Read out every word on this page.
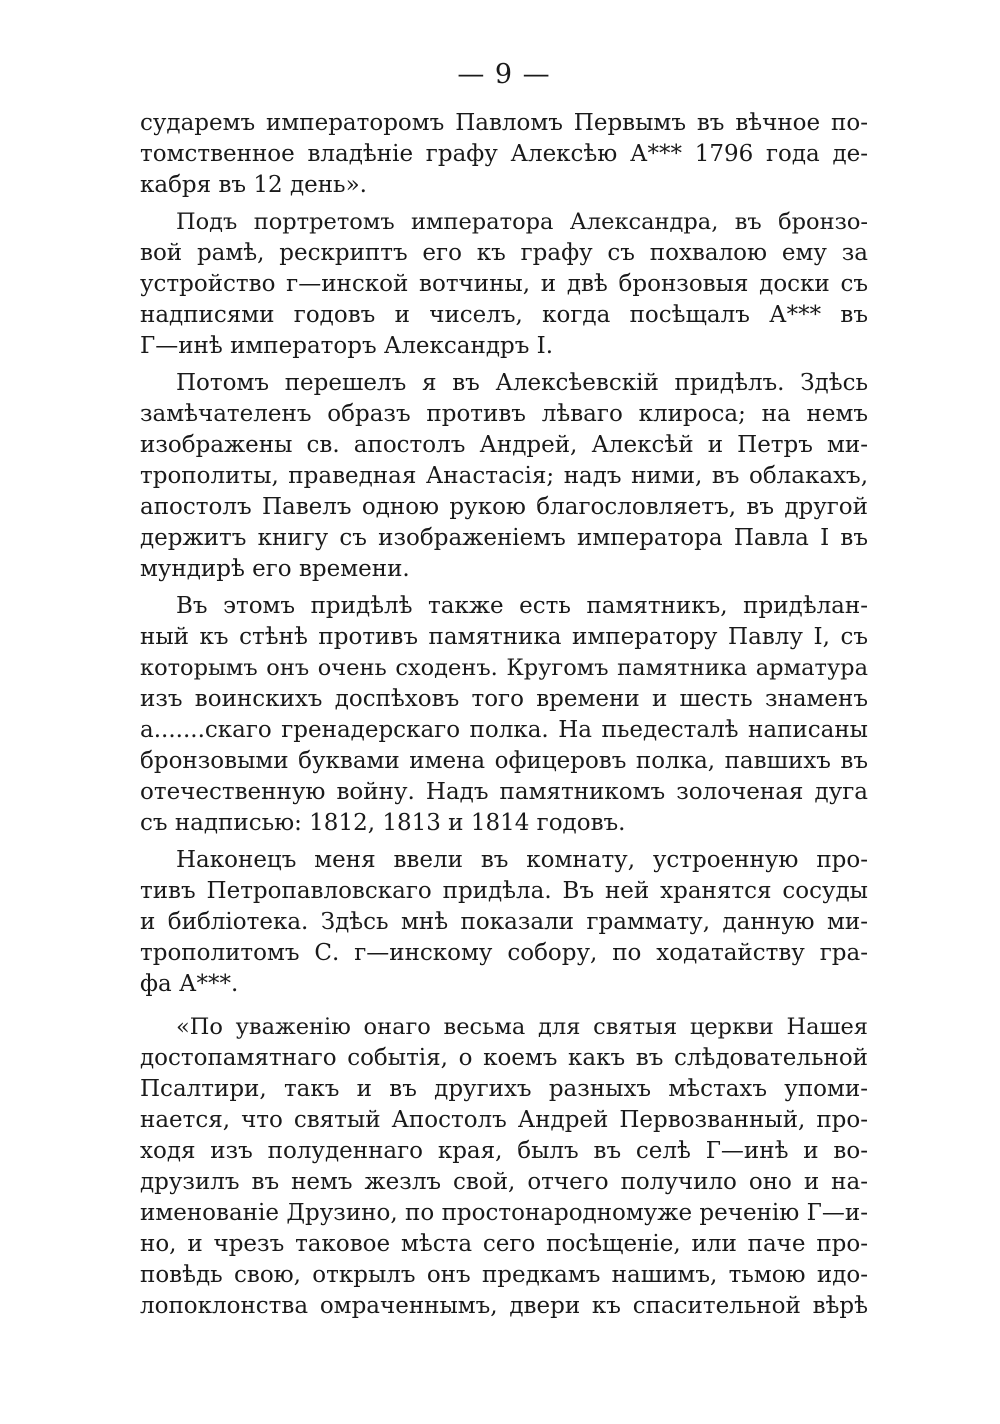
— 9 —
сударемъ императоромъ Павломъ Первымъ въ вѣчное по-
томственное владѣніе графу Алексѣю А*** 1796 года де-
кабря въ 12 день».
Подъ портретомъ императора Александра, въ бронзо-
вой рамѣ, рескриптъ его къ графу съ похвалою ему за
устройство г—инской вотчины, и двѣ бронзовыя доски съ
надписями годовъ и чиселъ, когда посѣщалъ А*** въ
Г—инѣ императоръ Александръ I.
Потомъ перешелъ я въ Алексѣевскій придѣлъ. Здѣсь
замѣчателенъ образъ противъ лѣваго клироса; на немъ
изображены св. апостолъ Андрей, Алексѣй и Петръ ми-
трополиты, праведная Анастасія; надъ ними, въ облакахъ,
апостолъ Павелъ одною рукою благословляетъ, въ другой
держитъ книгу съ изображеніемъ императора Павла I въ
мундирѣ его времени.
Въ этомъ придѣлѣ также есть памятникъ, придѣлан-
ный къ стѣнѣ противъ памятника императору Павлу I, съ
которымъ онъ очень сходенъ. Кругомъ памятника арматура
изъ воинскихъ доспѣховъ того времени и шесть знаменъ
а.......скаго гренадерскаго полка. На пьедесталѣ написаны
бронзовыми буквами имена офицеровъ полка, павшихъ въ
отечественную войну. Надъ памятникомъ золоченая дуга
съ надписью: 1812, 1813 и 1814 годовъ.
Наконецъ меня ввели въ комнату, устроенную про-
тивъ Петропавловскаго придѣла. Въ ней хранятся сосуды
и библіотека. Здѣсь мнѣ показали граммату, данную ми-
трополитомъ С. г—инскому собору, по ходатайству гра-
фа А***.
«По уваженію онаго весьма для святыя церкви Нашея
достопамятнаго событія, о коемъ какъ въ слѣдовательной
Псалтири, такъ и въ другихъ разныхъ мѣстахъ упоми-
нается, что святый Апостолъ Андрей Первозванный, про-
ходя изъ полуденнаго края, былъ въ селѣ Г—инѣ и во-
друзилъ въ немъ жезлъ свой, отчего получило оно и на-
именованіе Друзино, по простонародномуже реченію Г—и-
но, и чрезъ таковое мѣста сего посѣщеніе, или паче про-
повѣдь свою, открылъ онъ предкамъ нашимъ, тьмою идо-
лопоклонства омраченнымъ, двери къ спасительной вѣрѣ
